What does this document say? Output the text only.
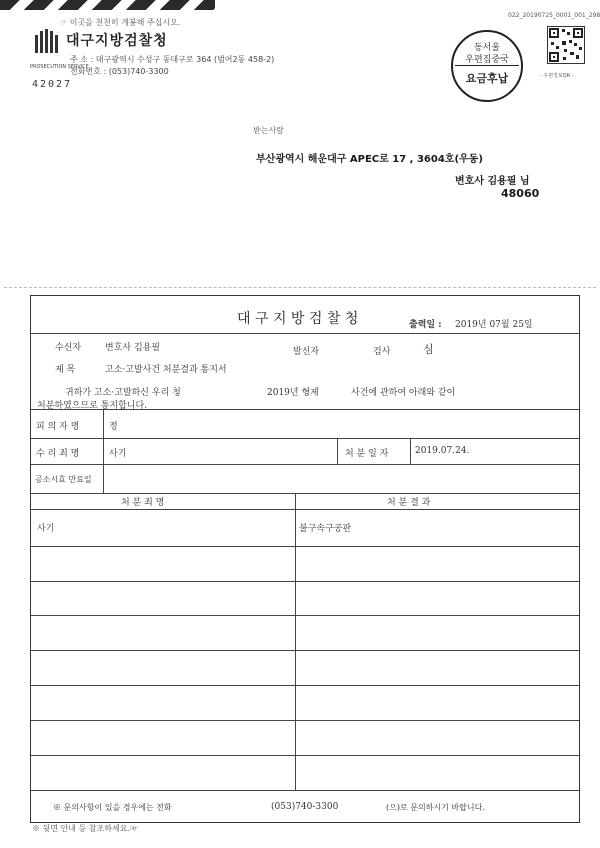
☞ 이곳을 천천히 개봉해 주십시오.
PROSECUTION SERVICE
대구지방검찰청
주 소 : 대구광역시 수성구 동대구로 364 (범어2동 458-2)
전화번호 : (053)740-3300
42027
022_20190725_0001_001_298
- 우편정보QR -
동서울
우편집중국
요금후납
받는사람
부산광역시 해운대구 APEC로 17 , 3604호(우동)
변호사 김용필 님
48060
대 구 지 방 검 찰 청	출력일 : 2019년 07월 25일
수신자	변호사 김용필	발신자	검사	심
제 목	고소·고발사건 처분결과 통지서
귀하가 고소·고발하신 우리 청	2019년 형제	사건에 관하여 아래와 같이
처분하였으므로 통지합니다.
피 의 자 명	정
수 리 죄 명	사기	처 분 일 자	2019.07.24.
공소시효 만료일
처 분 죄 명	처 분 결 과
사기	불구속구공판
※ 문의사항이 있을 경우에는 전화	(053)740-3300	(으)로 문의하시기 바랍니다.
※ 뒷면 안내 등 참조하세요.☞
